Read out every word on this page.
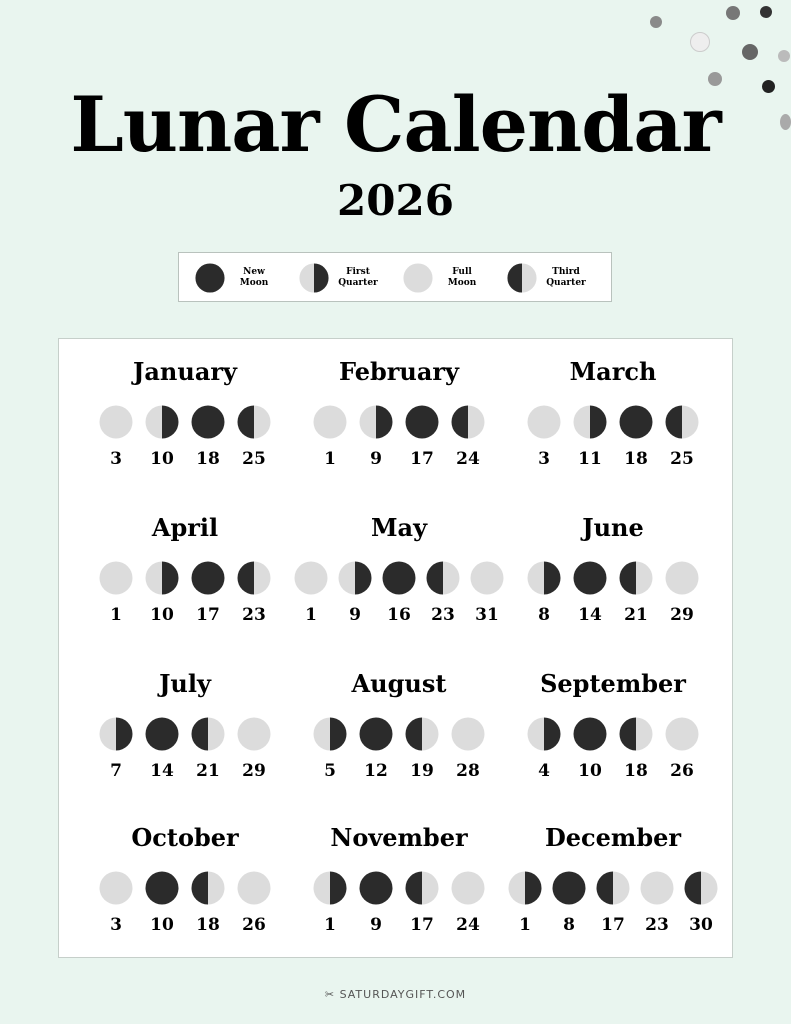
Lunar Calendar
2026
New
Moon
First
Quarter
Full
Moon
Third
Quarter
January
3 10 18 25
February
1 9 17 24
March
3 11 18 25
April
1 10 17 23
May
1 9 16 23 31
June
8 14 21 29
July
7 14 21 29
August
5 12 19 28
September
4 10 18 26
October
3 10 18 26
November
1 9 17 24
December
1 8 17 23 30
✂︎ SATURDAYGIFT.COM
